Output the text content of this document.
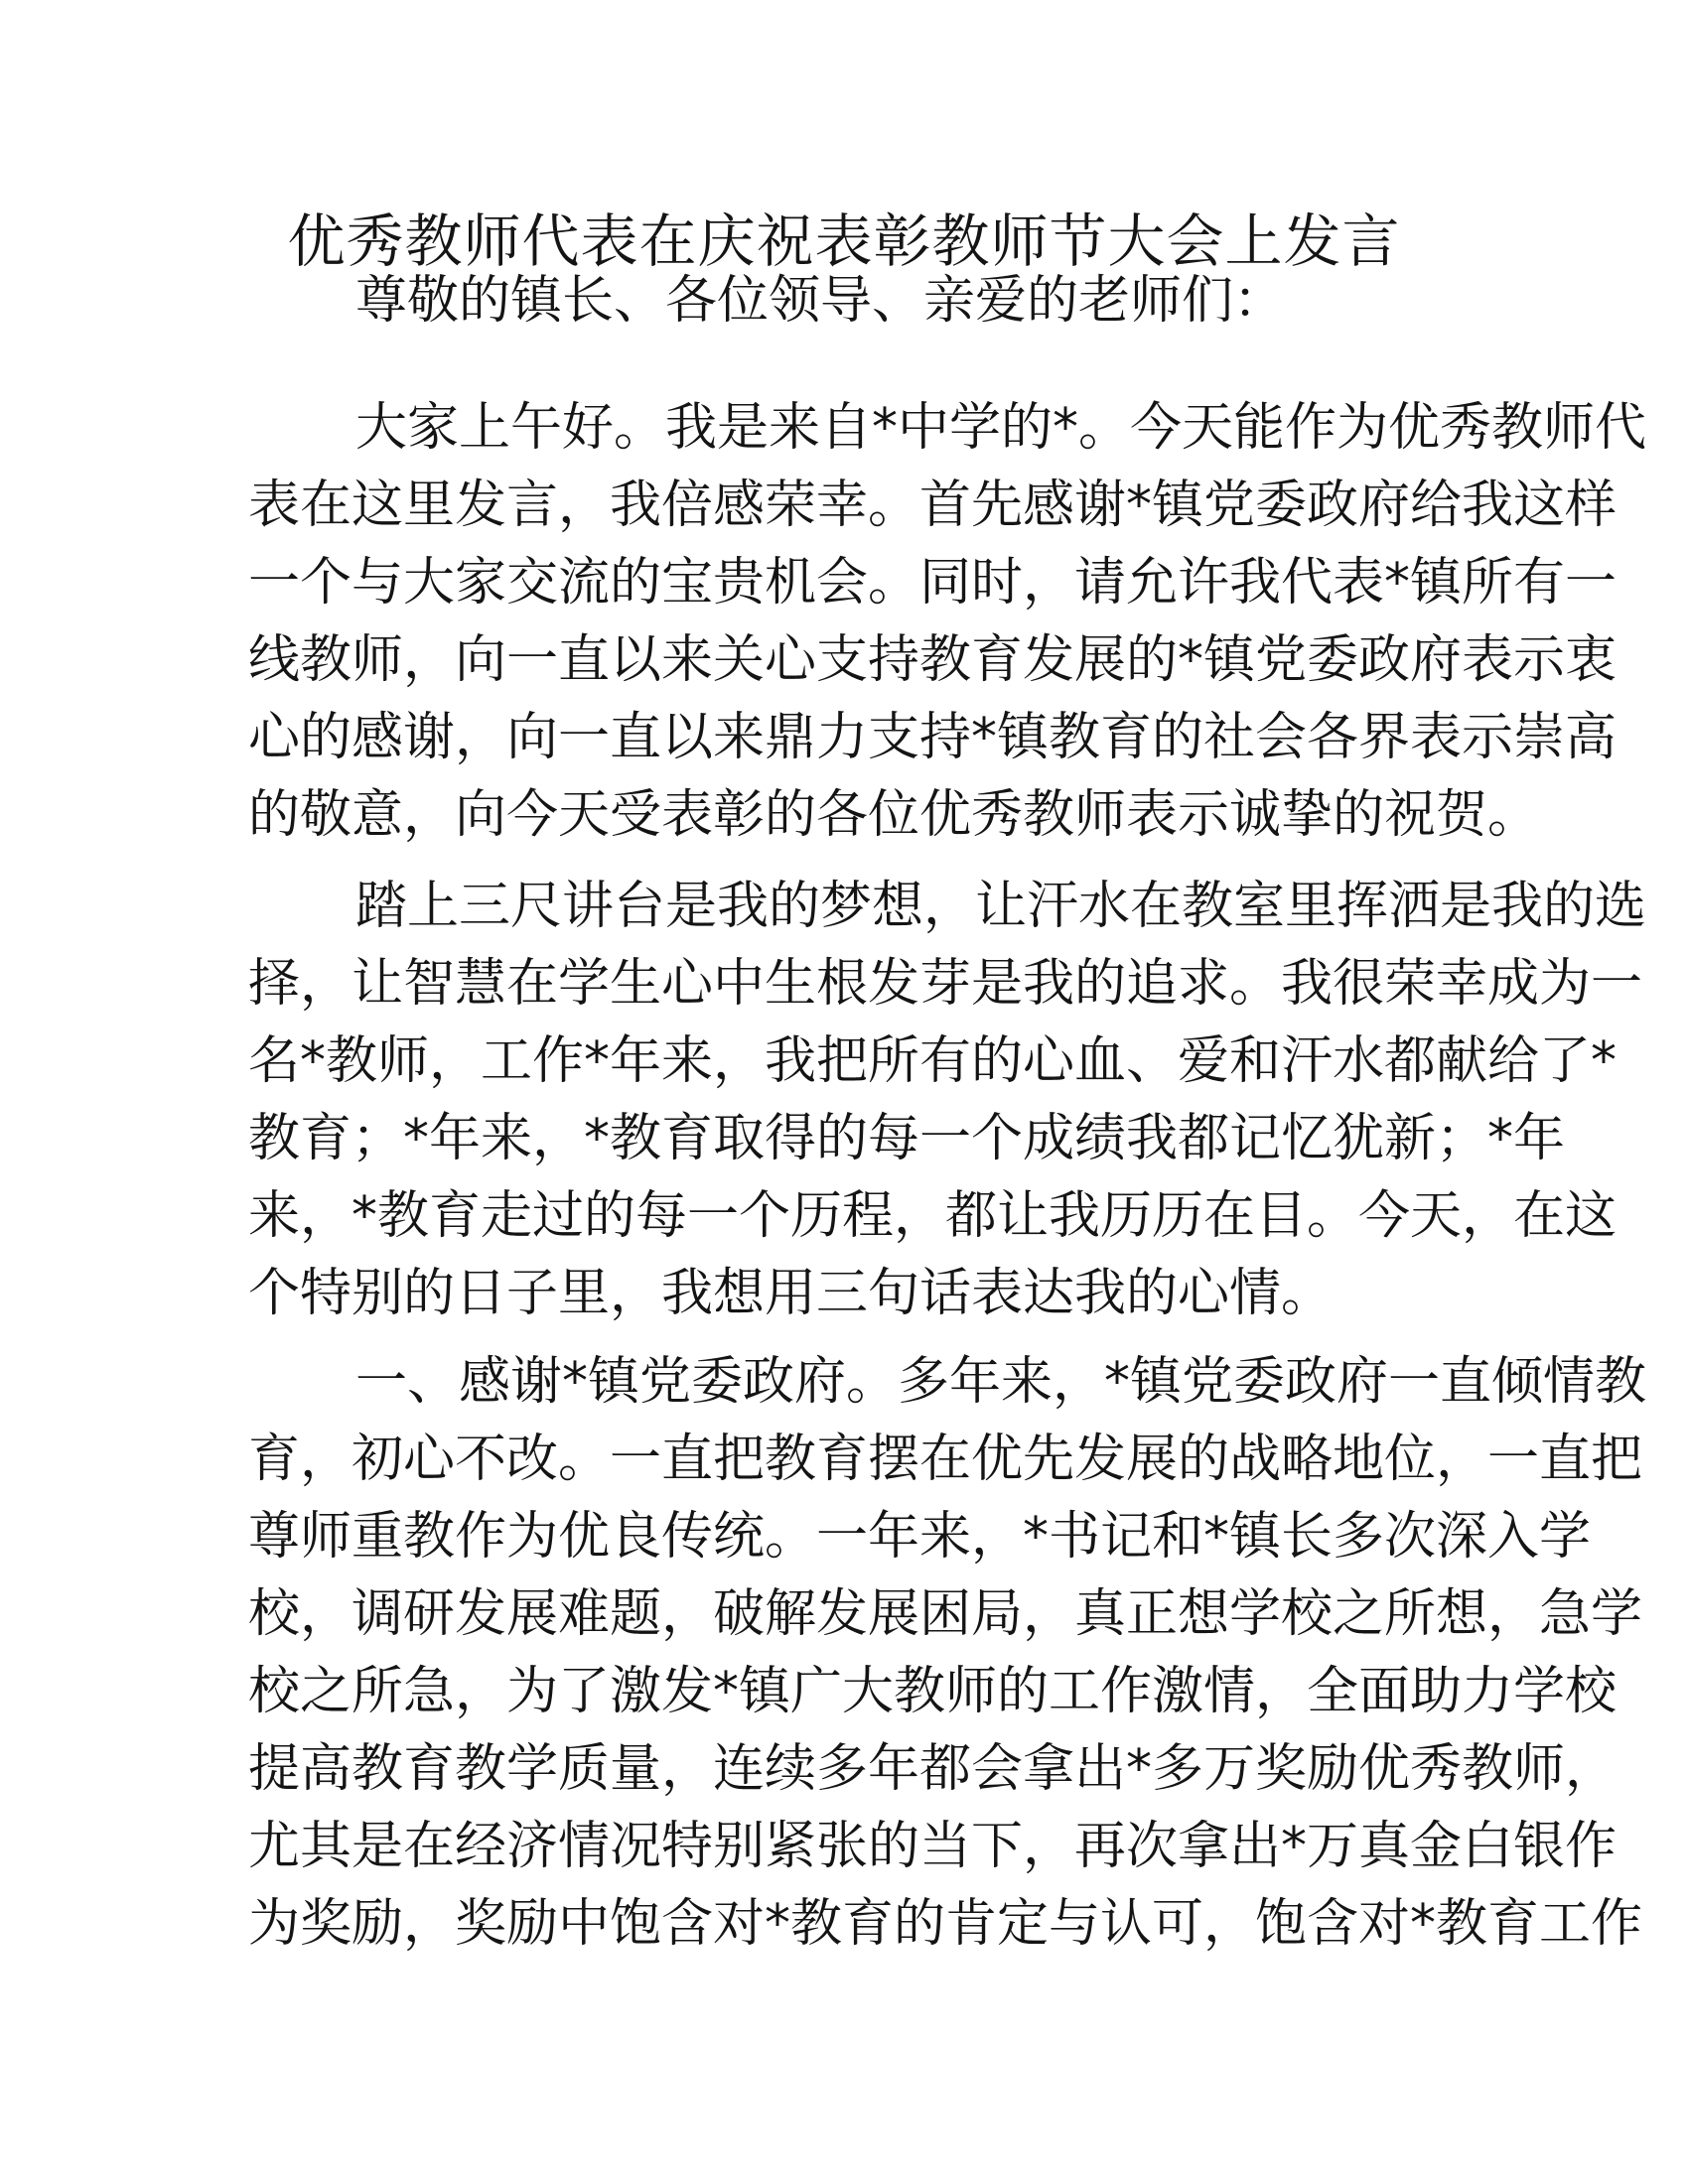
优秀教师代表在庆祝表彰教师节大会上发言
尊敬的镇长、各位领导、亲爱的老师们：
大家上午好。我是来自*中学的*。今天能作为优秀教师代
表在这里发言，我倍感荣幸。首先感谢*镇党委政府给我这样
一个与大家交流的宝贵机会。同时，请允许我代表*镇所有一
线教师，向一直以来关心支持教育发展的*镇党委政府表示衷
心的感谢，向一直以来鼎力支持*镇教育的社会各界表示崇高
的敬意，向今天受表彰的各位优秀教师表示诚挚的祝贺。
踏上三尺讲台是我的梦想，让汗水在教室里挥洒是我的选
择，让智慧在学生心中生根发芽是我的追求。我很荣幸成为一
名*教师，工作*年来，我把所有的心血、爱和汗水都献给了*
教育；*年来，*教育取得的每一个成绩我都记忆犹新；*年
来，*教育走过的每一个历程，都让我历历在目。今天，在这
个特别的日子里，我想用三句话表达我的心情。
一、感谢*镇党委政府。多年来，*镇党委政府一直倾情教
育，初心不改。一直把教育摆在优先发展的战略地位，一直把
尊师重教作为优良传统。一年来，*书记和*镇长多次深入学
校，调研发展难题，破解发展困局，真正想学校之所想，急学
校之所急，为了激发*镇广大教师的工作激情，全面助力学校
提高教育教学质量，连续多年都会拿出*多万奖励优秀教师，
尤其是在经济情况特别紧张的当下，再次拿出*万真金白银作
为奖励，奖励中饱含对*教育的肯定与认可，饱含对*教育工作
